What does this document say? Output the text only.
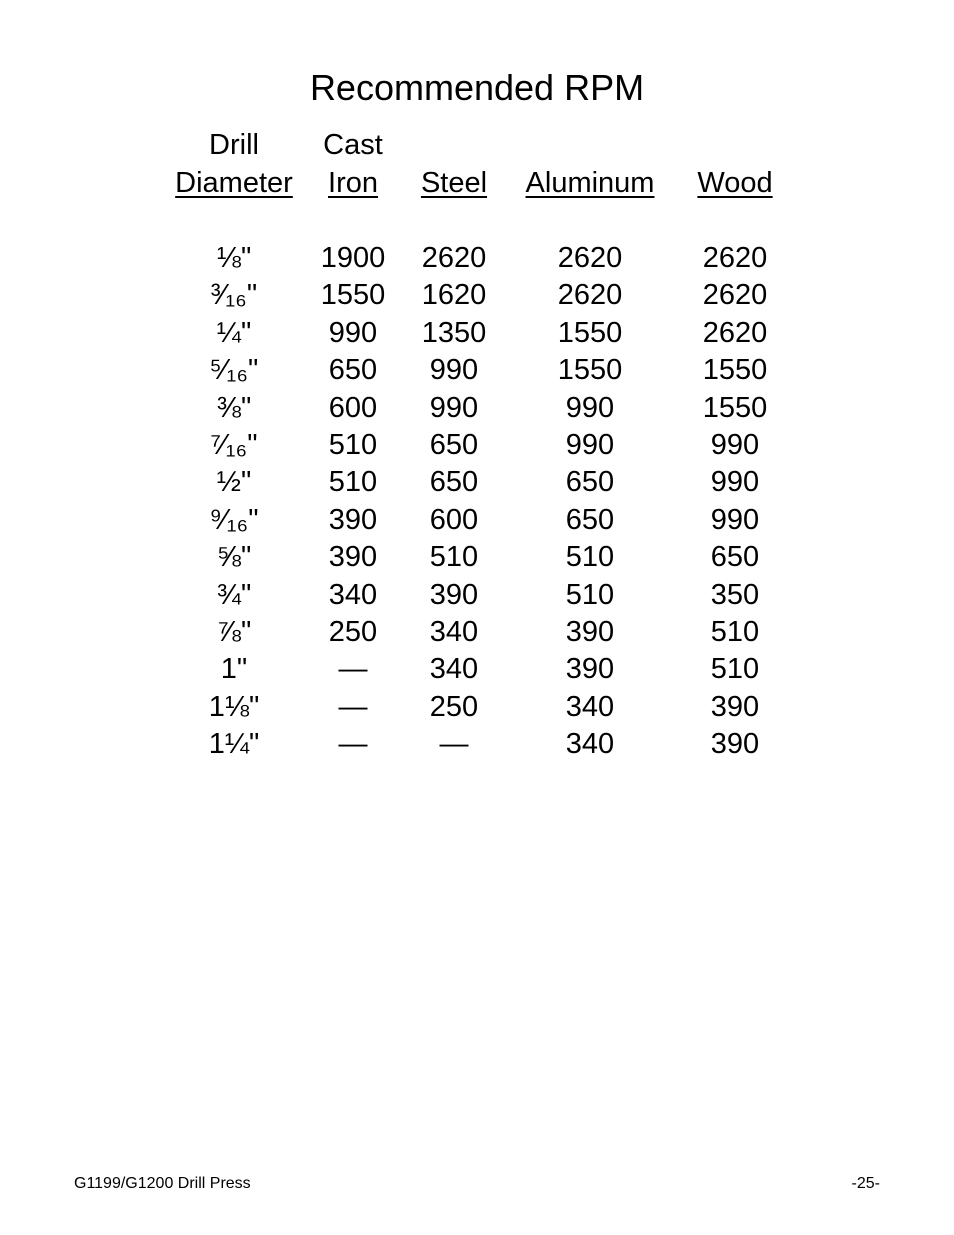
Recommended RPM
Drill Cast
Diameter Iron Steel Aluminum Wood
⅛" 1900 2620 2620	2620
³⁄₁₆" 1550 1620 2620	2620
¼"	990 1350 1550	2620
⁵⁄₁₆" 650 990	1550	1550
⅜"	600 990	990	1550
⁷⁄₁₆" 510 650	990	990
½"	510 650	650	990
⁹⁄₁₆" 390 600	650	990
⅝"	390 510	510	650
¾"	340 390	510	350
⅞"	250 340	390	510
1"	— 340	390	510
1⅛"	— 250	340	390
1¼"	— —	340	390
G1199/G1200 Drill Press	-25-
